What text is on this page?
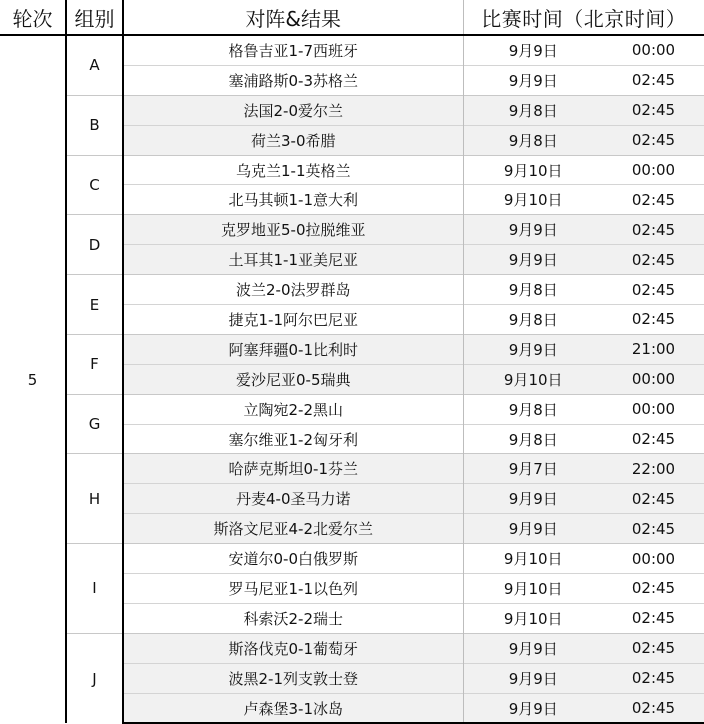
轮次	组别	对阵&结果	比赛时间（北京时间）	
5	A	格鲁吉亚1-7西班牙	9月9日	00:00
		塞浦路斯0-3苏格兰	9月9日	02:45
	B	法国2-0爱尔兰	9月8日	02:45
		荷兰3-0希腊	9月8日	02:45
	C	乌克兰1-1英格兰	9月10日	00:00
		北马其顿1-1意大利	9月10日	02:45
	D	克罗地亚5-0拉脱维亚	9月9日	02:45
		土耳其1-1亚美尼亚	9月9日	02:45
	E	波兰2-0法罗群岛	9月8日	02:45
		捷克1-1阿尔巴尼亚	9月8日	02:45
	F	阿塞拜疆0-1比利时	9月9日	21:00
		爱沙尼亚0-5瑞典	9月10日	00:00
	G	立陶宛2-2黑山	9月8日	00:00
		塞尔维亚1-2匈牙利	9月8日	02:45
	H	哈萨克斯坦0-1芬兰	9月7日	22:00
		丹麦4-0圣马力诺	9月9日	02:45
		斯洛文尼亚4-2北爱尔兰	9月9日	02:45
	I	安道尔0-0白俄罗斯	9月10日	00:00
		罗马尼亚1-1以色列	9月10日	02:45
		科索沃2-2瑞士	9月10日	02:45
	J	斯洛伐克0-1葡萄牙	9月9日	02:45
		波黑2-1列支敦士登	9月9日	02:45
		卢森堡3-1冰岛	9月9日	02:45
